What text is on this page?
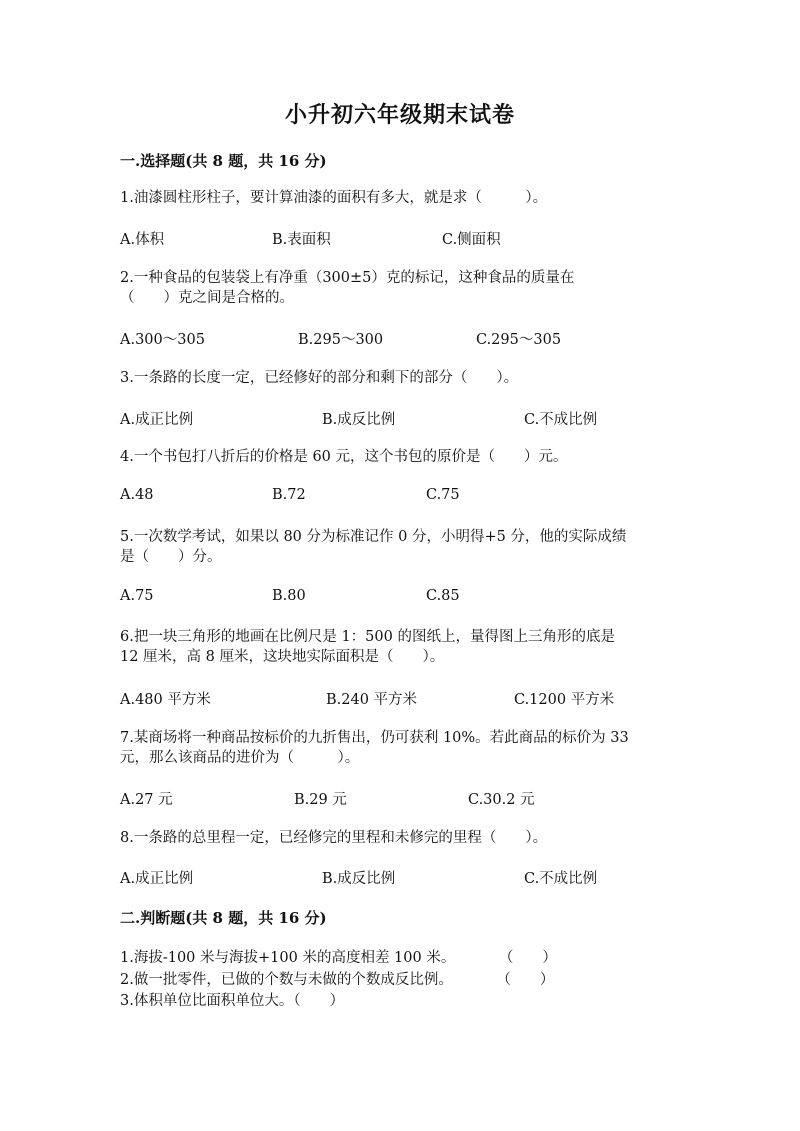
小升初六年级期末试卷
一.选择题(共 8 题，共 16 分)
1.油漆圆柱形柱子，要计算油漆的面积有多大，就是求（　　　）。
A.体积	B.表面积	C.侧面积
2.一种食品的包装袋上有净重（300±5）克的标记，这种食品的质量在
（　　）克之间是合格的。
A.300～305	B.295～300	C.295～305
3.一条路的长度一定，已经修好的部分和剩下的部分（　　）。
A.成正比例	B.成反比例	C.不成比例
4.一个书包打八折后的价格是 60 元，这个书包的原价是（　　）元。
A.48	B.72	C.75
5.一次数学考试，如果以 80 分为标准记作 0 分，小明得+5 分，他的实际成绩
是（　　）分。
A.75	B.80	C.85
6.把一块三角形的地画在比例尺是 1：500 的图纸上，量得图上三角形的底是
12 厘米，高 8 厘米，这块地实际面积是（　　）。
A.480 平方米	B.240 平方米	C.1200 平方米
7.某商场将一种商品按标价的九折售出，仍可获利 10%。若此商品的标价为 33
元，那么该商品的进价为（　　　）。
A.27 元	B.29 元	C.30.2 元
8.一条路的总里程一定，已经修完的里程和未修完的里程（　　）。
A.成正比例	B.成反比例	C.不成比例
二.判断题(共 8 题，共 16 分)
1.海拔-100 米与海拔+100 米的高度相差 100 米。　　　　（　　）
2.做一批零件，已做的个数与未做的个数成反比例。　　　　（　　）
3.体积单位比面积单位大。（　　）
